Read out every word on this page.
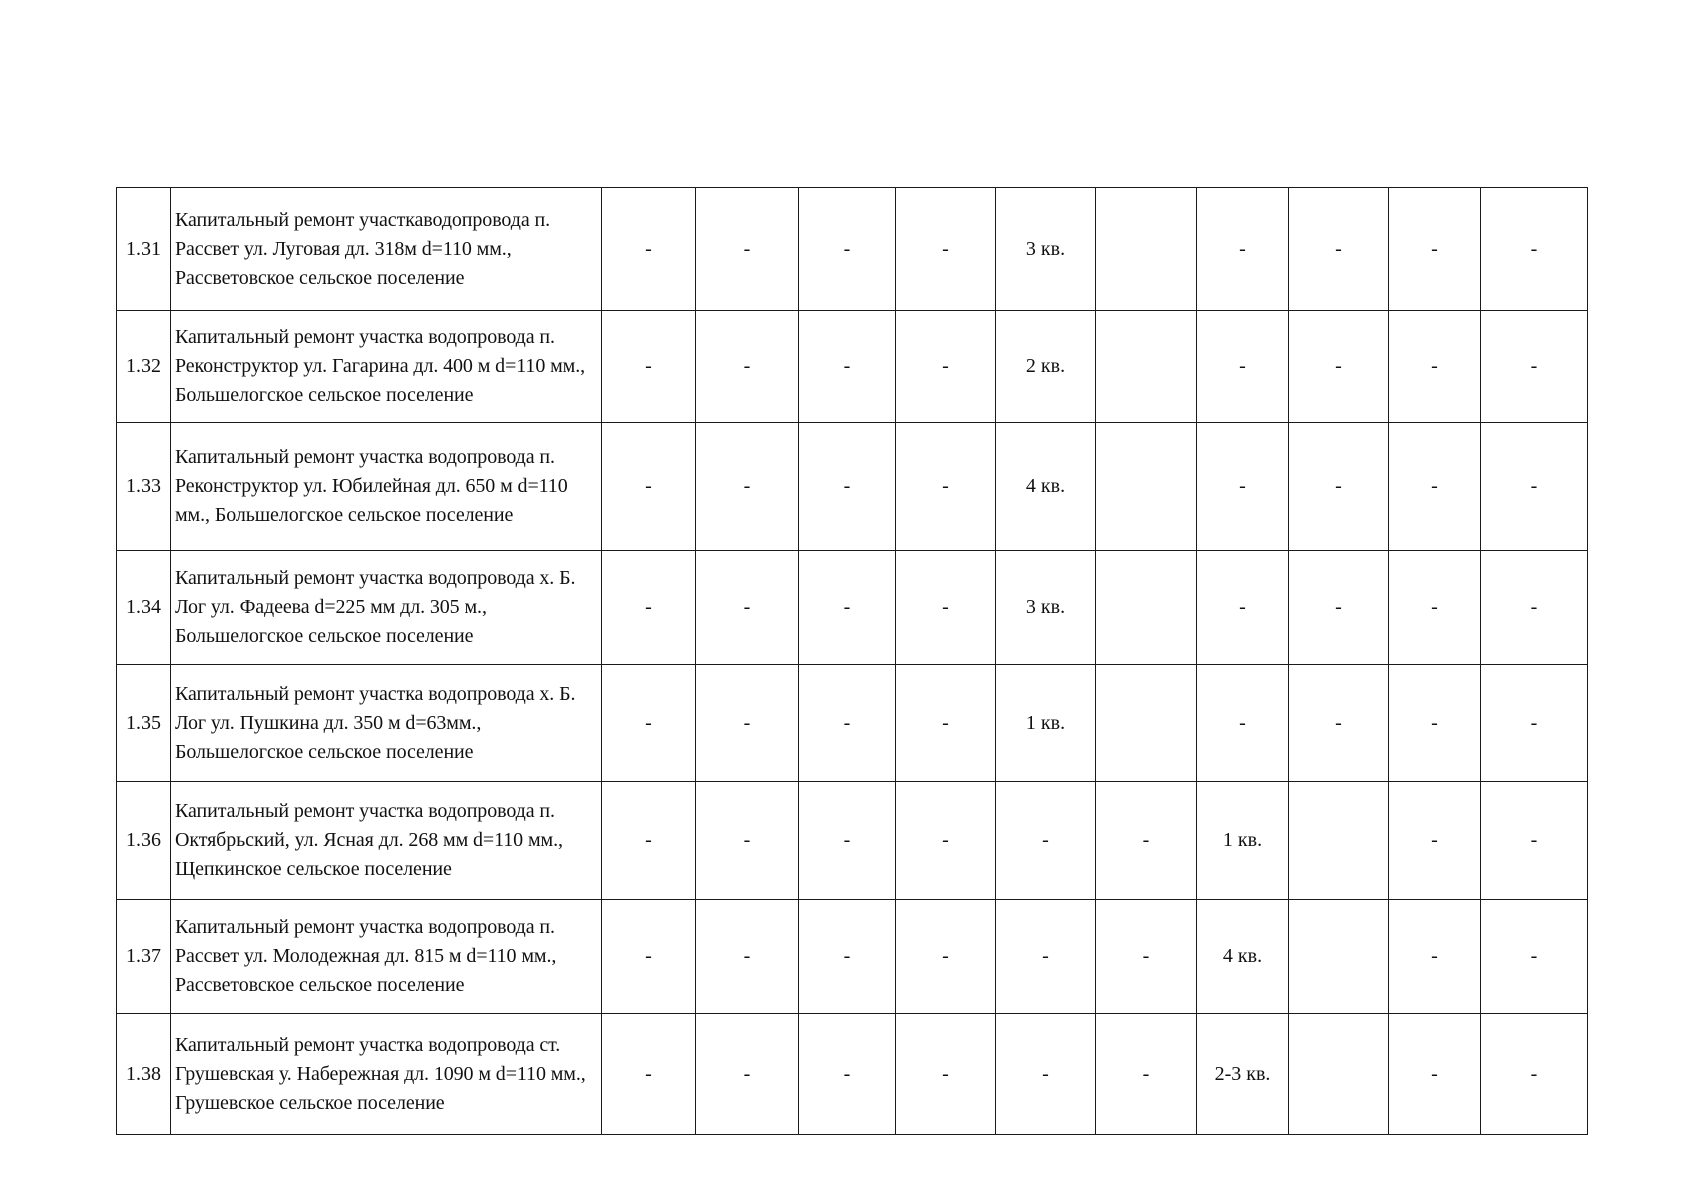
1.31	Капитальный ремонт участкаводопровода п. Рассвет ул. Луговая дл. 318м d=110 мм., Рассветовское сельское поселение	-	-	-	-	3 кв.		-	-	-	-
1.32	Капитальный ремонт участка водопровода п. Реконструктор ул. Гагарина дл. 400 м d=110 мм., Большелогское сельское поселение	-	-	-	-	2 кв.		-	-	-	-
1.33	Капитальный ремонт участка водопровода п. Реконструктор ул. Юбилейная дл. 650 м d=110 мм., Большелогское сельское поселение	-	-	-	-	4 кв.		-	-	-	-
1.34	Капитальный ремонт участка водопровода х. Б. Лог ул. Фадеева d=225 мм дл. 305 м., Большелогское сельское поселение	-	-	-	-	3 кв.		-	-	-	-
1.35	Капитальный ремонт участка водопровода х. Б. Лог ул. Пушкина дл. 350 м d=63мм., Большелогское сельское поселение	-	-	-	-	1 кв.		-	-	-	-
1.36	Капитальный ремонт участка водопровода п. Октябрьский, ул. Ясная дл. 268 мм d=110 мм., Щепкинское сельское поселение	-	-	-	-	-	-	1 кв.		-	-
1.37	Капитальный ремонт участка водопровода п. Рассвет ул. Молодежная дл. 815 м d=110 мм., Рассветовское сельское поселение	-	-	-	-	-	-	4 кв.		-	-
1.38	Капитальный ремонт участка водопровода ст. Грушевская у. Набережная дл. 1090 м d=110 мм., Грушевское сельское поселение	-	-	-	-	-	-	2-3 кв.		-	-
